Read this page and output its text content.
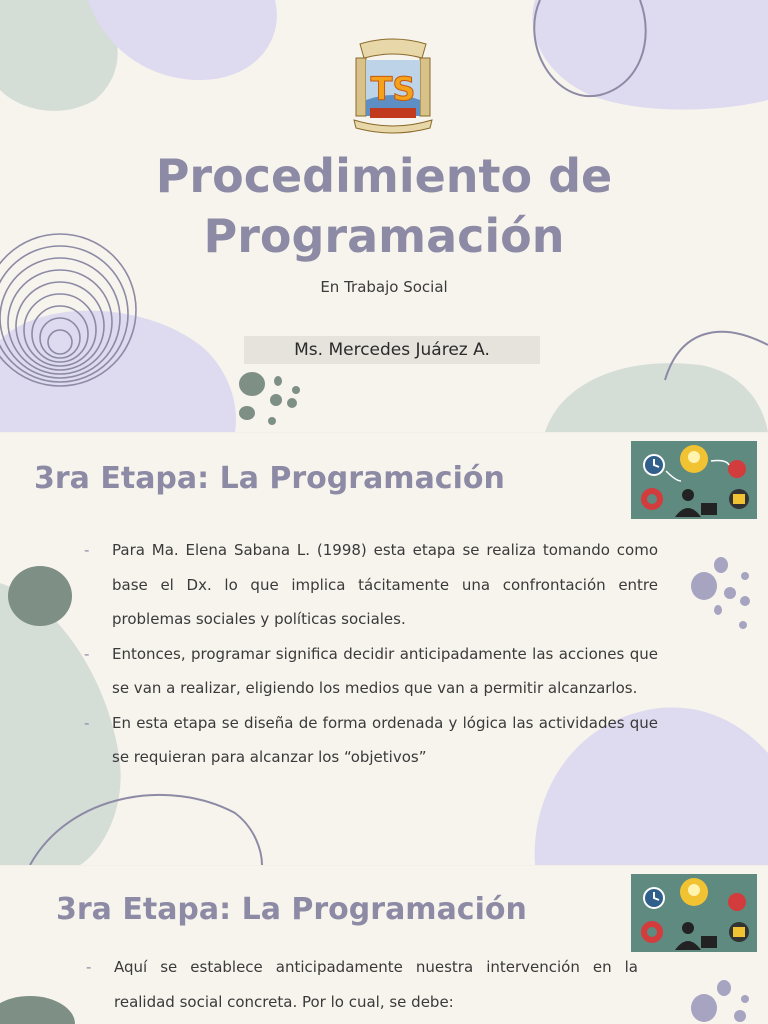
TS
Procedimiento de
Programación
En Trabajo Social
Ms. Mercedes Juárez A.
3ra Etapa: La Programación
- Para Ma. Elena Sabana L. (1998) esta etapa se realiza tomando como base el Dx. lo que implica tácitamente una confrontación entre problemas sociales y políticas sociales.
- Entonces, programar significa decidir anticipadamente las acciones que se van a realizar, eligiendo los medios que van a permitir alcanzarlos.
- En esta etapa se diseña de forma ordenada y lógica las actividades que se requieran para alcanzar los “objetivos”
3ra Etapa: La Programación
- Aquí se establece anticipadamente nuestra intervención en la realidad social concreta. Por lo cual, se debe:
